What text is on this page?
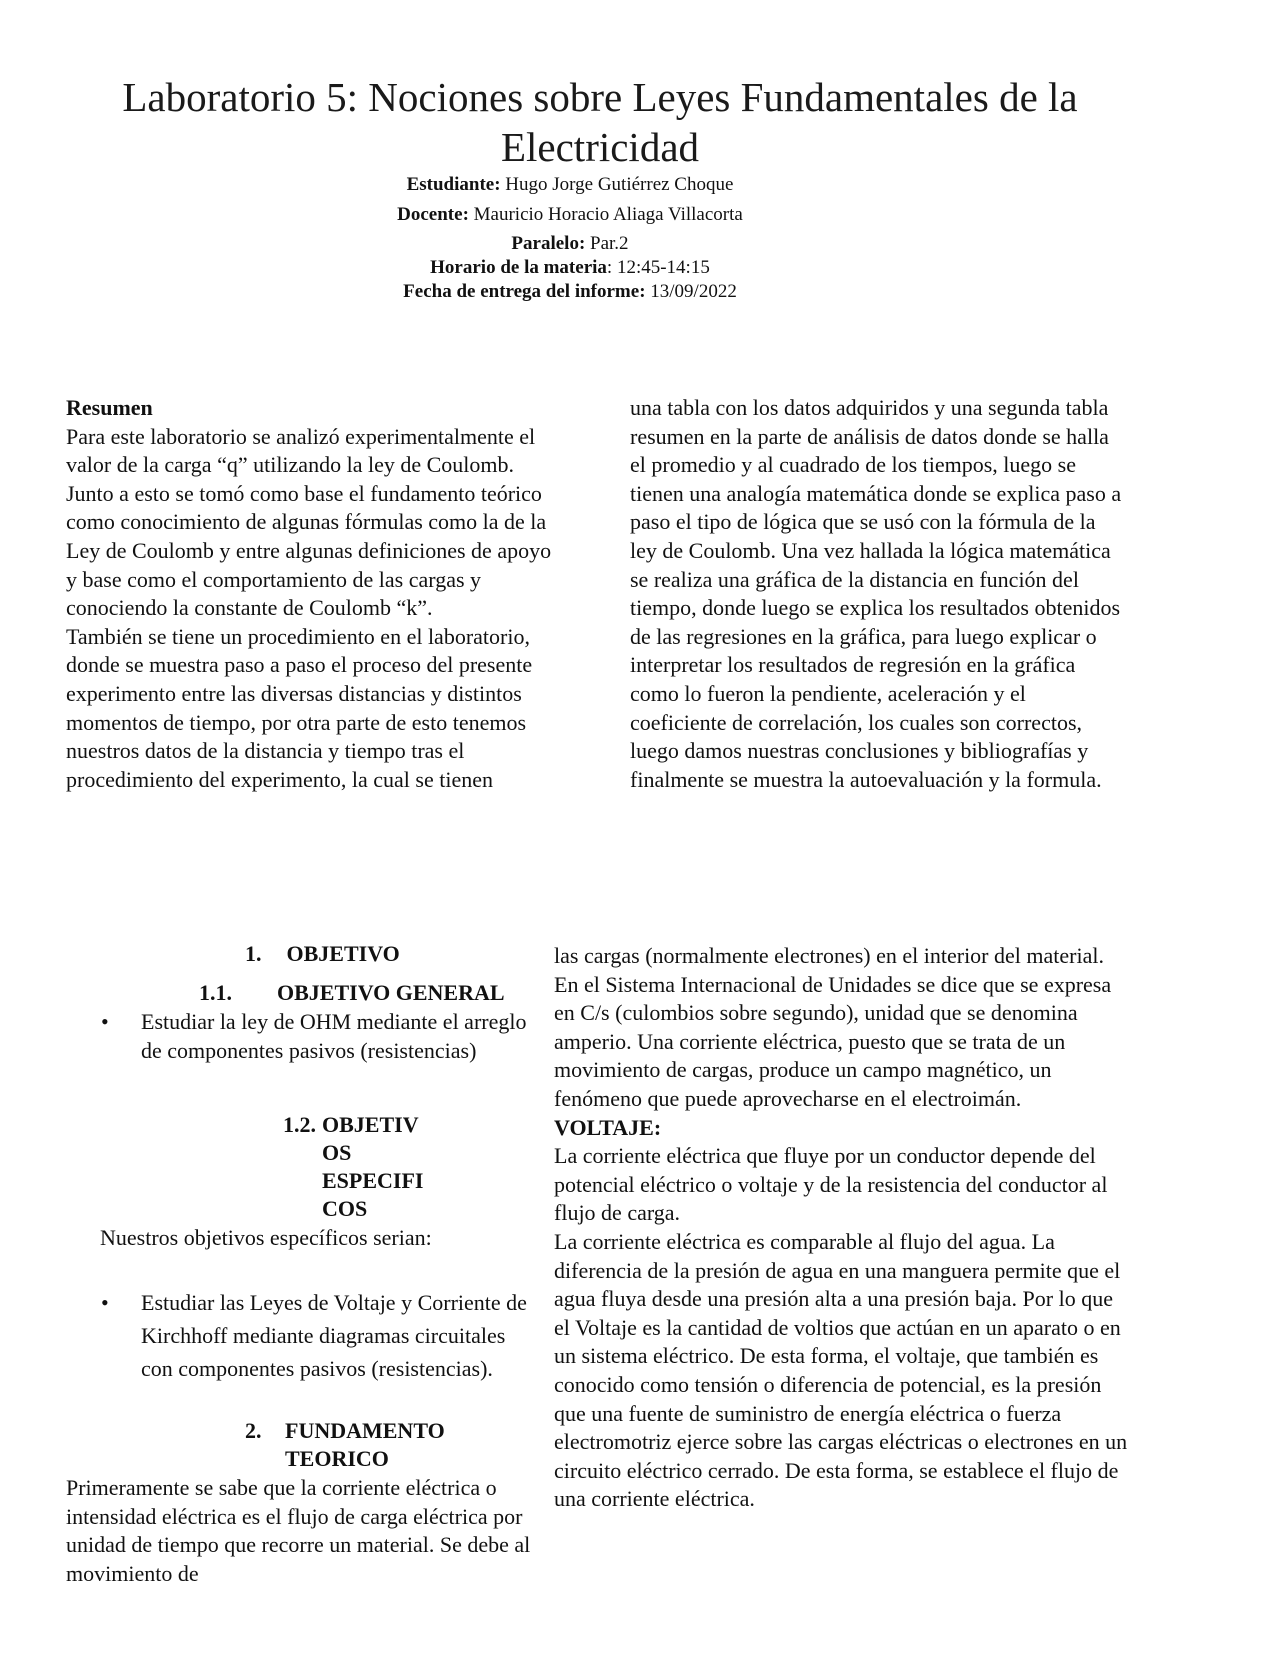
Laboratorio 5: Nociones sobre Leyes Fundamentales de la Electricidad
Estudiante: Hugo Jorge Gutiérrez Choque
Docente: Mauricio Horacio Aliaga Villacorta
Paralelo: Par.2
Horario de la materia: 12:45-14:15
Fecha de entrega del informe: 13/09/2022

Resumen

Para este laboratorio se analizó experimentalmente el valor de la carga “q” utilizando la ley de Coulomb. Junto a esto se tomó como base el fundamento teórico como conocimiento de algunas fórmulas como la de la Ley de Coulomb y entre algunas definiciones de apoyo y base como el comportamiento de las cargas y conociendo la constante de Coulomb “k”.

También se tiene un procedimiento en el laboratorio, donde se muestra paso a paso el proceso del presente experimento entre las diversas distancias y distintos momentos de tiempo, por otra parte de esto tenemos nuestros datos de la distancia y tiempo tras el procedimiento del experimento, la cual se tienen

una tabla con los datos adquiridos y una segunda tabla resumen en la parte de análisis de datos donde se halla el promedio y al cuadrado de los tiempos, luego se tienen una analogía matemática donde se explica paso a paso el tipo de lógica que se usó con la fórmula de la ley de Coulomb. Una vez hallada la lógica matemática se realiza una gráfica de la distancia en función del tiempo, donde luego se explica los resultados obtenidos de las regresiones en la gráfica, para luego explicar o interpretar los resultados de regresión en la gráfica como lo fueron la pendiente, aceleración y el coeficiente de correlación, los cuales son correctos, luego damos nuestras conclusiones y bibliografías y finalmente se muestra la autoevaluación y la formula.

1. OBJETIVO
1.1. OBJETIVO GENERAL
• Estudiar la ley de OHM mediante el arreglo de componentes pasivos (resistencias)
1.2. OBJETIV
OS
ESPECIFI
COS
Nuestros objetivos específicos serian:
• Estudiar las Leyes de Voltaje y Corriente de Kirchhoff mediante diagramas circuitales con componentes pasivos (resistencias).
2. FUNDAMENTO
TEORICO
Primeramente se sabe que la corriente eléctrica o intensidad eléctrica es el flujo de carga eléctrica por unidad de tiempo que recorre un material. Se debe al movimiento de

las cargas (normalmente electrones) en el interior del material. En el Sistema Internacional de Unidades se dice que se expresa en C/s (culombios sobre segundo), unidad que se denomina amperio. Una corriente eléctrica, puesto que se trata de un movimiento de cargas, produce un campo magnético, un fenómeno que puede aprovecharse en el electroimán.

VOLTAJE:

La corriente eléctrica que fluye por un conductor depende del potencial eléctrico o voltaje y de la resistencia del conductor al flujo de carga.

La corriente eléctrica es comparable al flujo del agua. La diferencia de la presión de agua en una manguera permite que el agua fluya desde una presión alta a una presión baja. Por lo que el Voltaje es la cantidad de voltios que actúan en un aparato o en un sistema eléctrico. De esta forma, el voltaje, que también es conocido como tensión o diferencia de potencial, es la presión que una fuente de suministro de energía eléctrica o fuerza electromotriz ejerce sobre las cargas eléctricas o electrones en un circuito eléctrico cerrado. De esta forma, se establece el flujo de una corriente eléctrica.
